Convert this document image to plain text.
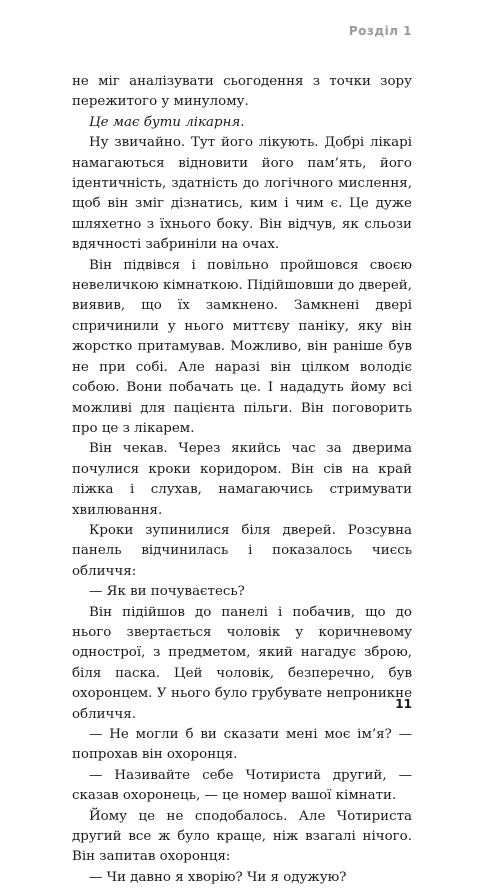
Розділ 1

не міг аналізувати сьогодення з точки зору пережитого у минулому.

Це має бути лікарня.

Ну звичайно. Тут його лікують. Добрі лікарі намагаються відновити його пам’ять, його ідентичність, здатність до логічного мислення, щоб він зміг дізнатись, ким і чим є. Це дуже шляхетно з їхнього боку. Він відчув, як сльози вдячності забриніли на очах.

Він підвівся і повільно пройшовся своєю невеличкою кімнаткою. Підійшовши до дверей, виявив, що їх замкнено. Замкнені двері спричинили у нього миттєву паніку, яку він жорстко притамував. Можливо, він раніше був не при собі. Але наразі він цілком володіє собою. Вони побачать це. І нададуть йому всі можливі для пацієнта пільги. Він поговорить про це з лікарем.

Він чекав. Через якийсь час за дверима почулися кроки коридором. Він сів на край ліжка і слухав, намагаючись стримувати хвилювання.

Кроки зупинилися біля дверей. Розсувна панель відчинилась і показалось чиєсь обличчя:

— Як ви почуваєтесь?

Він підійшов до панелі і побачив, що до нього звертається чоловік у коричневому однострої, з предметом, який нагадує зброю, біля паска. Цей чоловік, безперечно, був охоронцем. У нього було грубувате непроникне обличчя.

— Не могли б ви сказати мені моє ім’я? — попрохав він охоронця.

— Називайте себе Чотириста другий, — сказав охоронець, — це номер вашої кімнати.

Йому це не сподобалось. Але Чотириста другий все ж було краще, ніж взагалі нічого. Він запитав охоронця:

— Чи давно я хворію? Чи я одужую?

11
